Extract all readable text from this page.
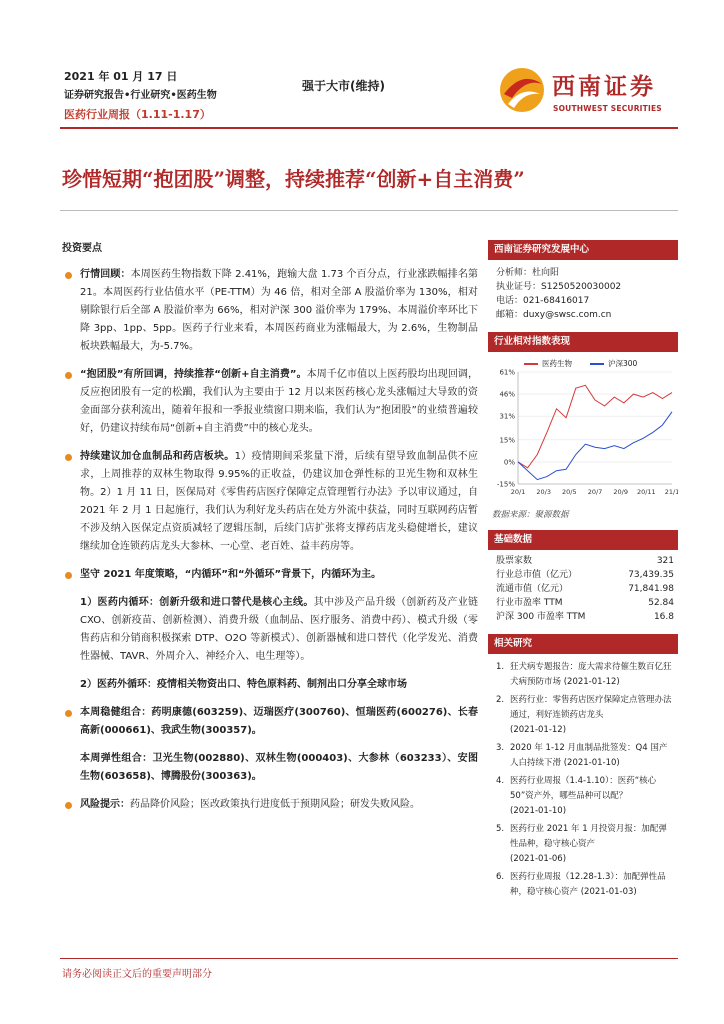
2021 年 01 月 17 日
证券研究报告•行业研究•医药生物
医药行业周报（1.11-1.17）
强于大市(维持)	西南证券
SOUTHWEST SECURITIES
珍惜短期“抱团股”调整，持续推荐“创新+自主消费”
投资要点
行情回顾：本周医药生物指数下降 2.41%，跑输大盘 1.73 个百分点，行业涨跌幅排名第 21。本周医药行业估值水平（PE-TTM）为 46 倍，相对全部 A 股溢价率为 130%，相对剔除银行后全部 A 股溢价率为 66%，相对沪深 300 溢价率为 179%、本周溢价率环比下降 3pp、1pp、5pp。医药子行业来看，本周医药商业为涨幅最大，为 2.6%，生物制品板块跌幅最大，为-5.7%。
“抱团股”有所回调，持续推荐“创新+自主消费”。本周千亿市值以上医药股均出现回调，反应抱团股有一定的松躏，我们认为主要由于 12 月以来医药核心龙头涨幅过大导致的资金面部分获利流出，随着年报和一季报业绩窗口期来临，我们认为“抱团股”的业绩普遍较好，仍建议持续布局“创新+自主消费”中的核心龙头。
持续建议加仓血制品和药店板块。1）疫情期间采浆量下滑，后续有望导致血制品供不应求，上周推荐的双林生物取得 9.95%的正收益，仍建议加仓弹性标的卫光生物和双林生物。2）1 月 11 日，医保局对《零售药店医疗保障定点管理暂行办法》予以审议通过，自 2021 年 2 月 1 日起施行，我们认为利好龙头药店在处方外流中获益，同时互联网药店暂不涉及纳入医保定点资质减轻了逻辑压制，后续门店扩张将支撑药店龙头稳健增长，建议继续加仓连锁药店龙头大参林、一心堂、老百姓、益丰药房等。
坚守 2021 年度策略，“内循环”和“外循环”背景下，内循环为主。
1）医药内循环：创新升级和进口替代是核心主线。其中涉及产品升级（创新药及产业链 CXO、创新疫苗、创新检测）、消费升级（血制品、医疗服务、消费中药）、模式升级（零售药店和分销商积极探索 DTP、O2O 等新模式）、创新器械和进口替代（化学发光、消费性器械、TAVR、外周介入、神经介入、电生理等）。
2）医药外循环：疫情相关物资出口、特色原料药、制剂出口分享全球市场
本周稳健组合：药明康德(603259)、迈瑞医疗(300760)、恒瑞医药(600276)、长春高新(000661)、我武生物(300357)。
本周弹性组合：卫光生物(002880)、双林生物(000403)、大参林（603233）、安图生物(603658)、博腾股份(300363)。
风险提示：药品降价风险；医改政策执行进度低于预期风险；研发失败风险。
西南证券研究发展中心
分析师：杜向阳
执业证号：S1250520030002
电话：021-68416017
邮箱：duxy@swsc.com.cn
行业相对指数表现
医药生物	沪深300
61%
46%
31%
15%
0%
-15%
20/1 20/3 20/5 20/7 20/9 20/11 21/1
数据来源：聚源数据
基础数据
股票家数	321
行业总市值（亿元）	73,439.35
流通市值（亿元）	71,841.98
行业市盈率 TTM	52.84
沪深 300 市盈率 TTM	16.8
相关研究
1. 狂犬病专题报告：庞大需求待催生数百亿狂犬病预防市场 (2021-01-12)
2. 医药行业：零售药店医疗保障定点管理办法通过，利好连锁药店龙头
(2021-01-12)
3. 2020 年 1-12 月血制品批签发：Q4 国产人白持续下滑 (2021-01-10)
4. 医药行业周报（1.4-1.10）：医药“核心50”资产外，哪些品种可以配？
(2021-01-10)
5. 医药行业 2021 年 1 月投资月报：加配弹性品种，稳守核心资产
(2021-01-06)
6. 医药行业周报（12.28-1.3）：加配弹性品种，稳守核心资产 (2021-01-03)
请务必阅读正文后的重要声明部分
